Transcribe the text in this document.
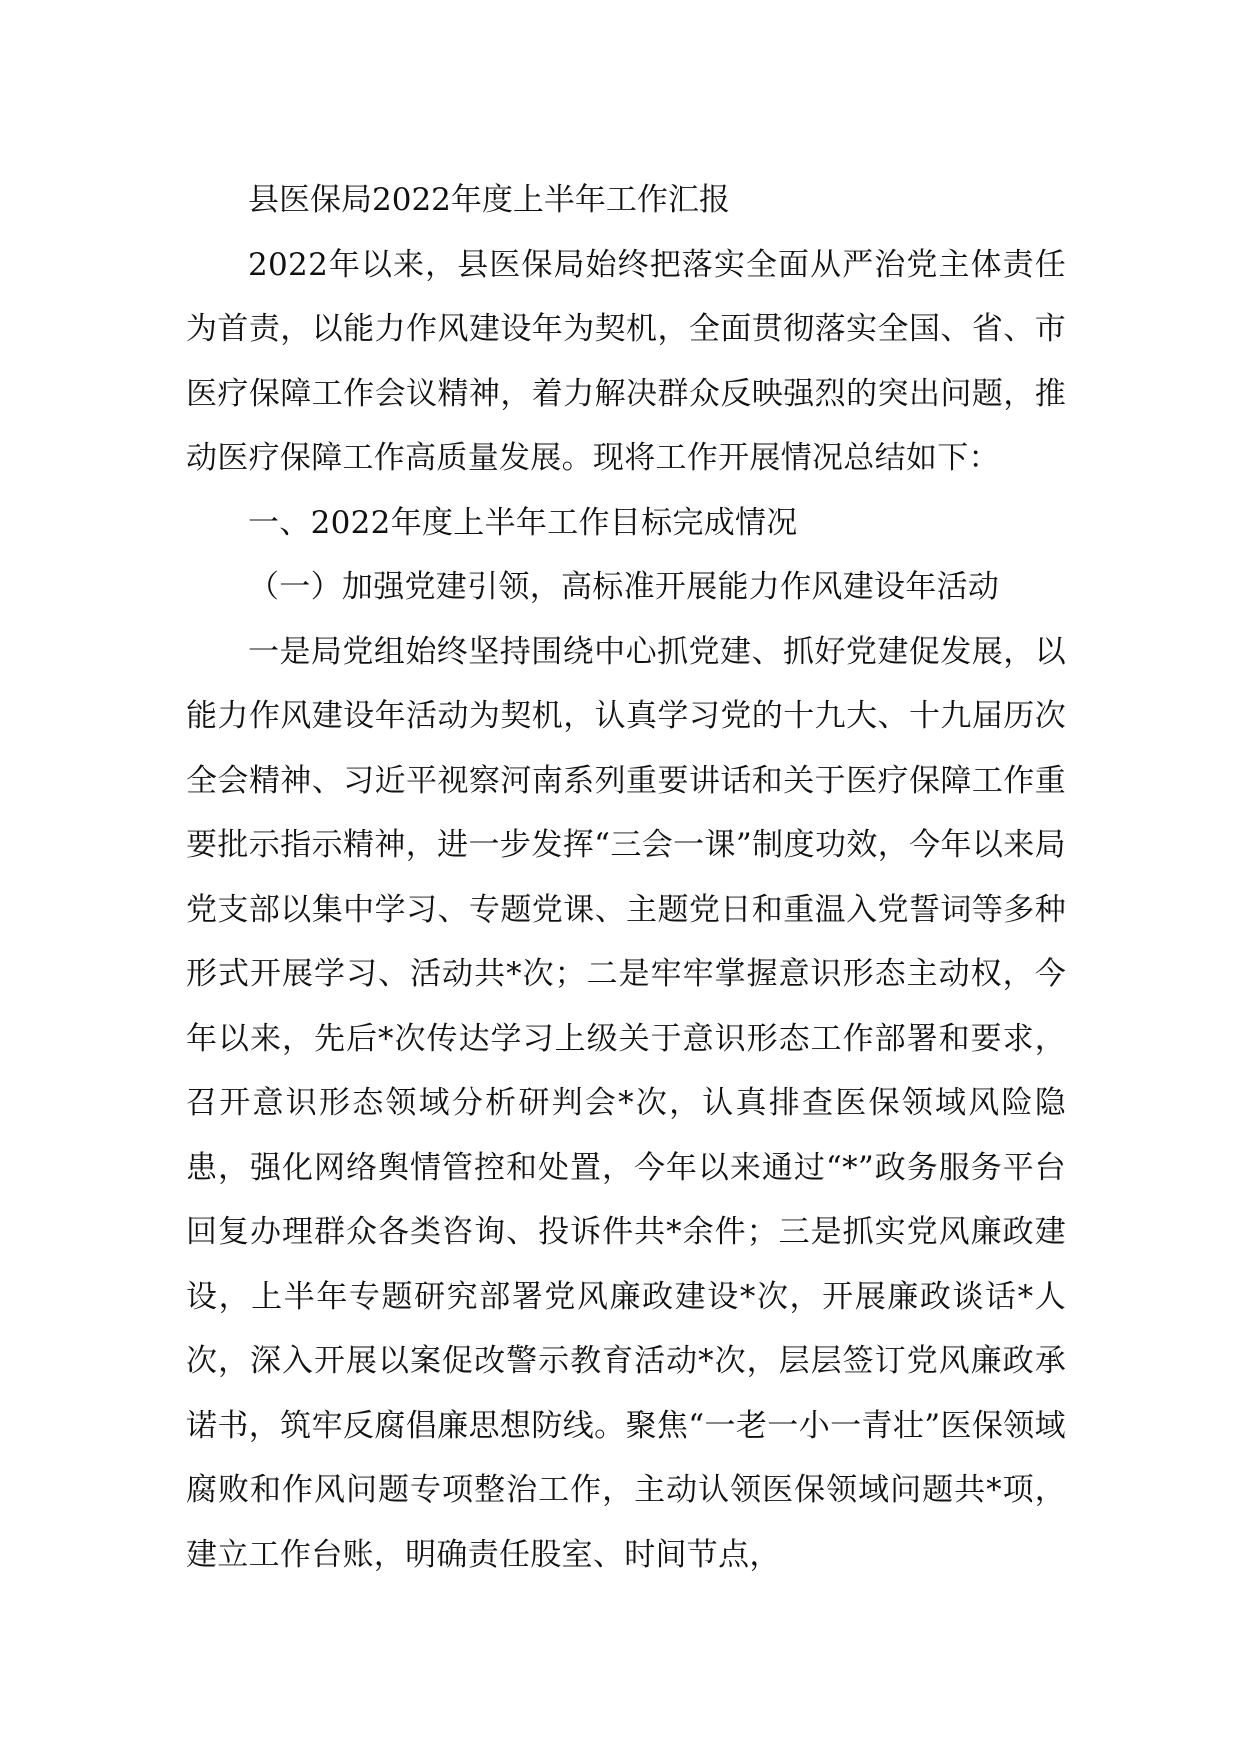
县医保局2022年度上半年工作汇报

2022年以来，县医保局始终把落实全面从严治党主体责任为首责，以能力作风建设年为契机，全面贯彻落实全国、省、市医疗保障工作会议精神，着力解决群众反映强烈的突出问题，推动医疗保障工作高质量发展。现将工作开展情况总结如下：

一、2022年度上半年工作目标完成情况

（一）加强党建引领，高标准开展能力作风建设年活动

一是局党组始终坚持围绕中心抓党建、抓好党建促发展，以能力作风建设年活动为契机，认真学习党的十九大、十九届历次全会精神、习近平视察河南系列重要讲话和关于医疗保障工作重要批示指示精神，进一步发挥“三会一课”制度功效，今年以来局党支部以集中学习、专题党课、主题党日和重温入党誓词等多种形式开展学习、活动共*次；二是牢牢掌握意识形态主动权，今年以来，先后*次传达学习上级关于意识形态工作部署和要求，召开意识形态领域分析研判会*次，认真排查医保领域风险隐患，强化网络舆情管控和处置，今年以来通过“*”政务服务平台回复办理群众各类咨询、投诉件共*余件；三是抓实党风廉政建设，上半年专题研究部署党风廉政建设*次，开展廉政谈话*人次，深入开展以案促改警示教育活动*次，层层签订党风廉政承诺书，筑牢反腐倡廉思想防线。聚焦“一老一小一青壮”医保领域腐败和作风问题专项整治工作，主动认领医保领域问题共*项，建立工作台账，明确责任股室、时间节点，
